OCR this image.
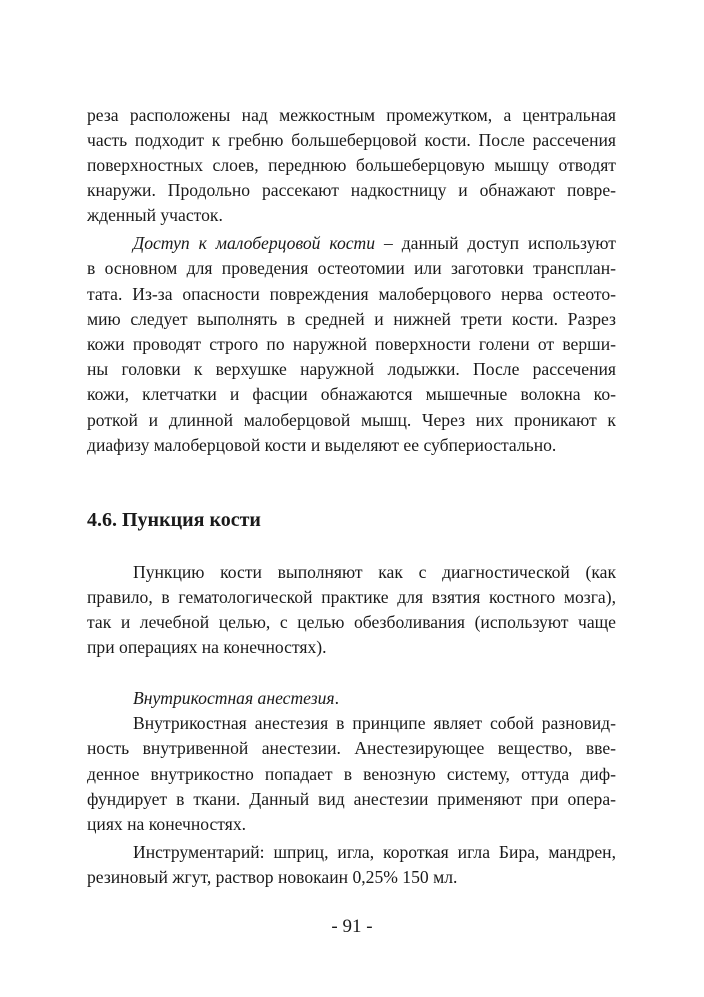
реза расположены над межкостным промежутком, а центральная
часть подходит к гребню большеберцовой кости. После рассечения
поверхностных слоев, переднюю большеберцовую мышцу отводят
кнаружи. Продольно рассекают надкостницу и обнажают повре-
жденный участок.
Доступ к малоберцовой кости – данный доступ используют
в основном для проведения остеотомии или заготовки трансплан-
тата. Из-за опасности повреждения малоберцового нерва остеото-
мию следует выполнять в средней и нижней трети кости. Разрез
кожи проводят строго по наружной поверхности голени от верши-
ны головки к верхушке наружной лодыжки. После рассечения
кожи, клетчатки и фасции обнажаются мышечные волокна ко-
роткой и длинной малоберцовой мышц. Через них проникают к
диафизу малоберцовой кости и выделяют ее субпериостально.
4.6. Пункция кости
Пункцию кости выполняют как с диагностической (как
правило, в гематологической практике для взятия костного мозга),
так и лечебной целью, с целью обезболивания (используют чаще
при операциях на конечностях).
Внутрикостная анестезия.
Внутрикостная анестезия в принципе являет собой разновид-
ность внутривенной анестезии. Анестезирующее вещество, вве-
денное внутрикостно попадает в венозную систему, оттуда диф-
фундирует в ткани. Данный вид анестезии применяют при опера-
циях на конечностях.
Инструментарий: шприц, игла, короткая игла Бира, мандрен,
резиновый жгут, раствор новокаин 0,25% 150 мл.
- 91 -
